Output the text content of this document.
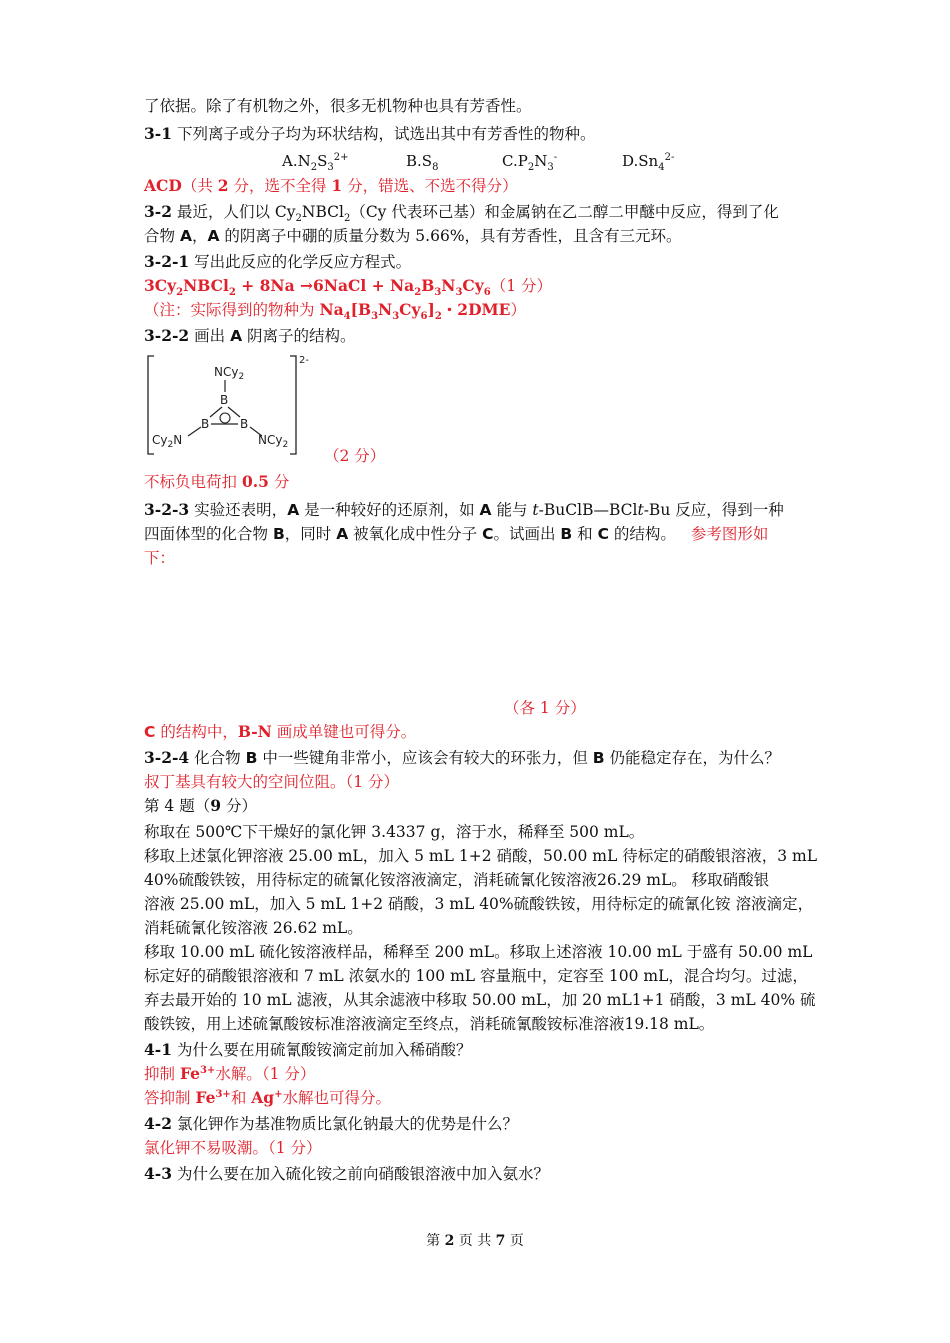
了依据。除了有机物之外，很多无机物种也具有芳香性。
3-1 下列离子或分子均为环状结构，试选出其中有芳香性的物种。
$A.N_2S_3^{2+}$	$B.S_8$	$C.P_2N_3^-$	$D.Sn_4^{2-}$
ACD（共 2 分，选不全得 1 分，错选、不选不得分）
3-2 最近，人们以 $Cy_2NBCl_2(Cy$ 代表环己基）和金属钠在乙二醇二甲醚中反应，得到了化
合物 A，A 的阴离子中硼的质量分数为 5.66%，具有芳香性，且含有三元环。
3-2-1 写出此反应的化学反应方程式。
$3Cy_2NBCl_2 + 8Na$ →6NaCl + $Na_2B_3N_3Cy_6(1$ 分）
（注：实际得到的物种为 $Na_4[B_3N_3Cy_6]_2$・2DME）
3-2-2 画出 A 阴离子的结构。
2-
NCy$_2$
B
B	B
$Cy_2N$	NCy$_2$
（2 分）
不标负电荷扣 0.5 分
3-2-3 实验还表明，A 是一种较好的还原剂，如 A 能与 t-BuClB—BClt-Bu 反应，得到一种
四面体型的化合物 B，同时 A 被氧化成中性分子 C。试画出 B 和 C 的结构。 参考图形如
下：
（各 1 分）
C 的结构中，B-N 画成单键也可得分。
3-2-4 化合物 B 中一些键角非常小，应该会有较大的环张力，但 B 仍能稳定存在，为什么？
叔丁基具有较大的空间位阻。（1 分）
第 4 题（9 分）
称取在 500℃下干燥好的氯化钾 3.4337 g，溶于水，稀释至 500 mL。
移取上述氯化钾溶液 25.00 mL，加入 5 mL 1+2 硝酸，50.00 mL 待标定的硝酸银溶液，3 mL
40%硫酸铁铵，用待标定的硫氰化铵溶液滴定，消耗硫氰化铵溶液26.29 mL。 移取硝酸银
溶液 25.00 mL，加入 5 mL 1+2 硝酸，3 mL 40%硫酸铁铵，用待标定的硫氰化铵 溶液滴定，
消耗硫氰化铵溶液 26.62 mL。
移取 10.00 mL 硫化铵溶液样品，稀释至 200 mL。移取上述溶液 10.00 mL 于盛有 50.00 mL
标定好的硝酸银溶液和 7 mL 浓氨水的 100 mL 容量瓶中，定容至 100 mL，混合均匀。过滤，
弃去最开始的 10 mL 滤液，从其余滤液中移取 50.00 mL，加 20 mL1+1 硝酸，3 mL 40% 硫
酸铁铵，用上述硫氰酸铵标准溶液滴定至终点，消耗硫氰酸铵标准溶液19.18 mL。
4-1 为什么要在用硫氰酸铵滴定前加入稀硝酸？
抑制 $Fe^{3+}$水解。（1 分）
答抑制 $Fe^{3+}$和 Ag+水解也可得分。
4-2 氯化钾作为基准物质比氯化钠最大的优势是什么？
氯化钾不易吸潮。（1 分）
4-3 为什么要在加入硫化铵之前向硝酸银溶液中加入氨水？
第 2 页 共 7 页
